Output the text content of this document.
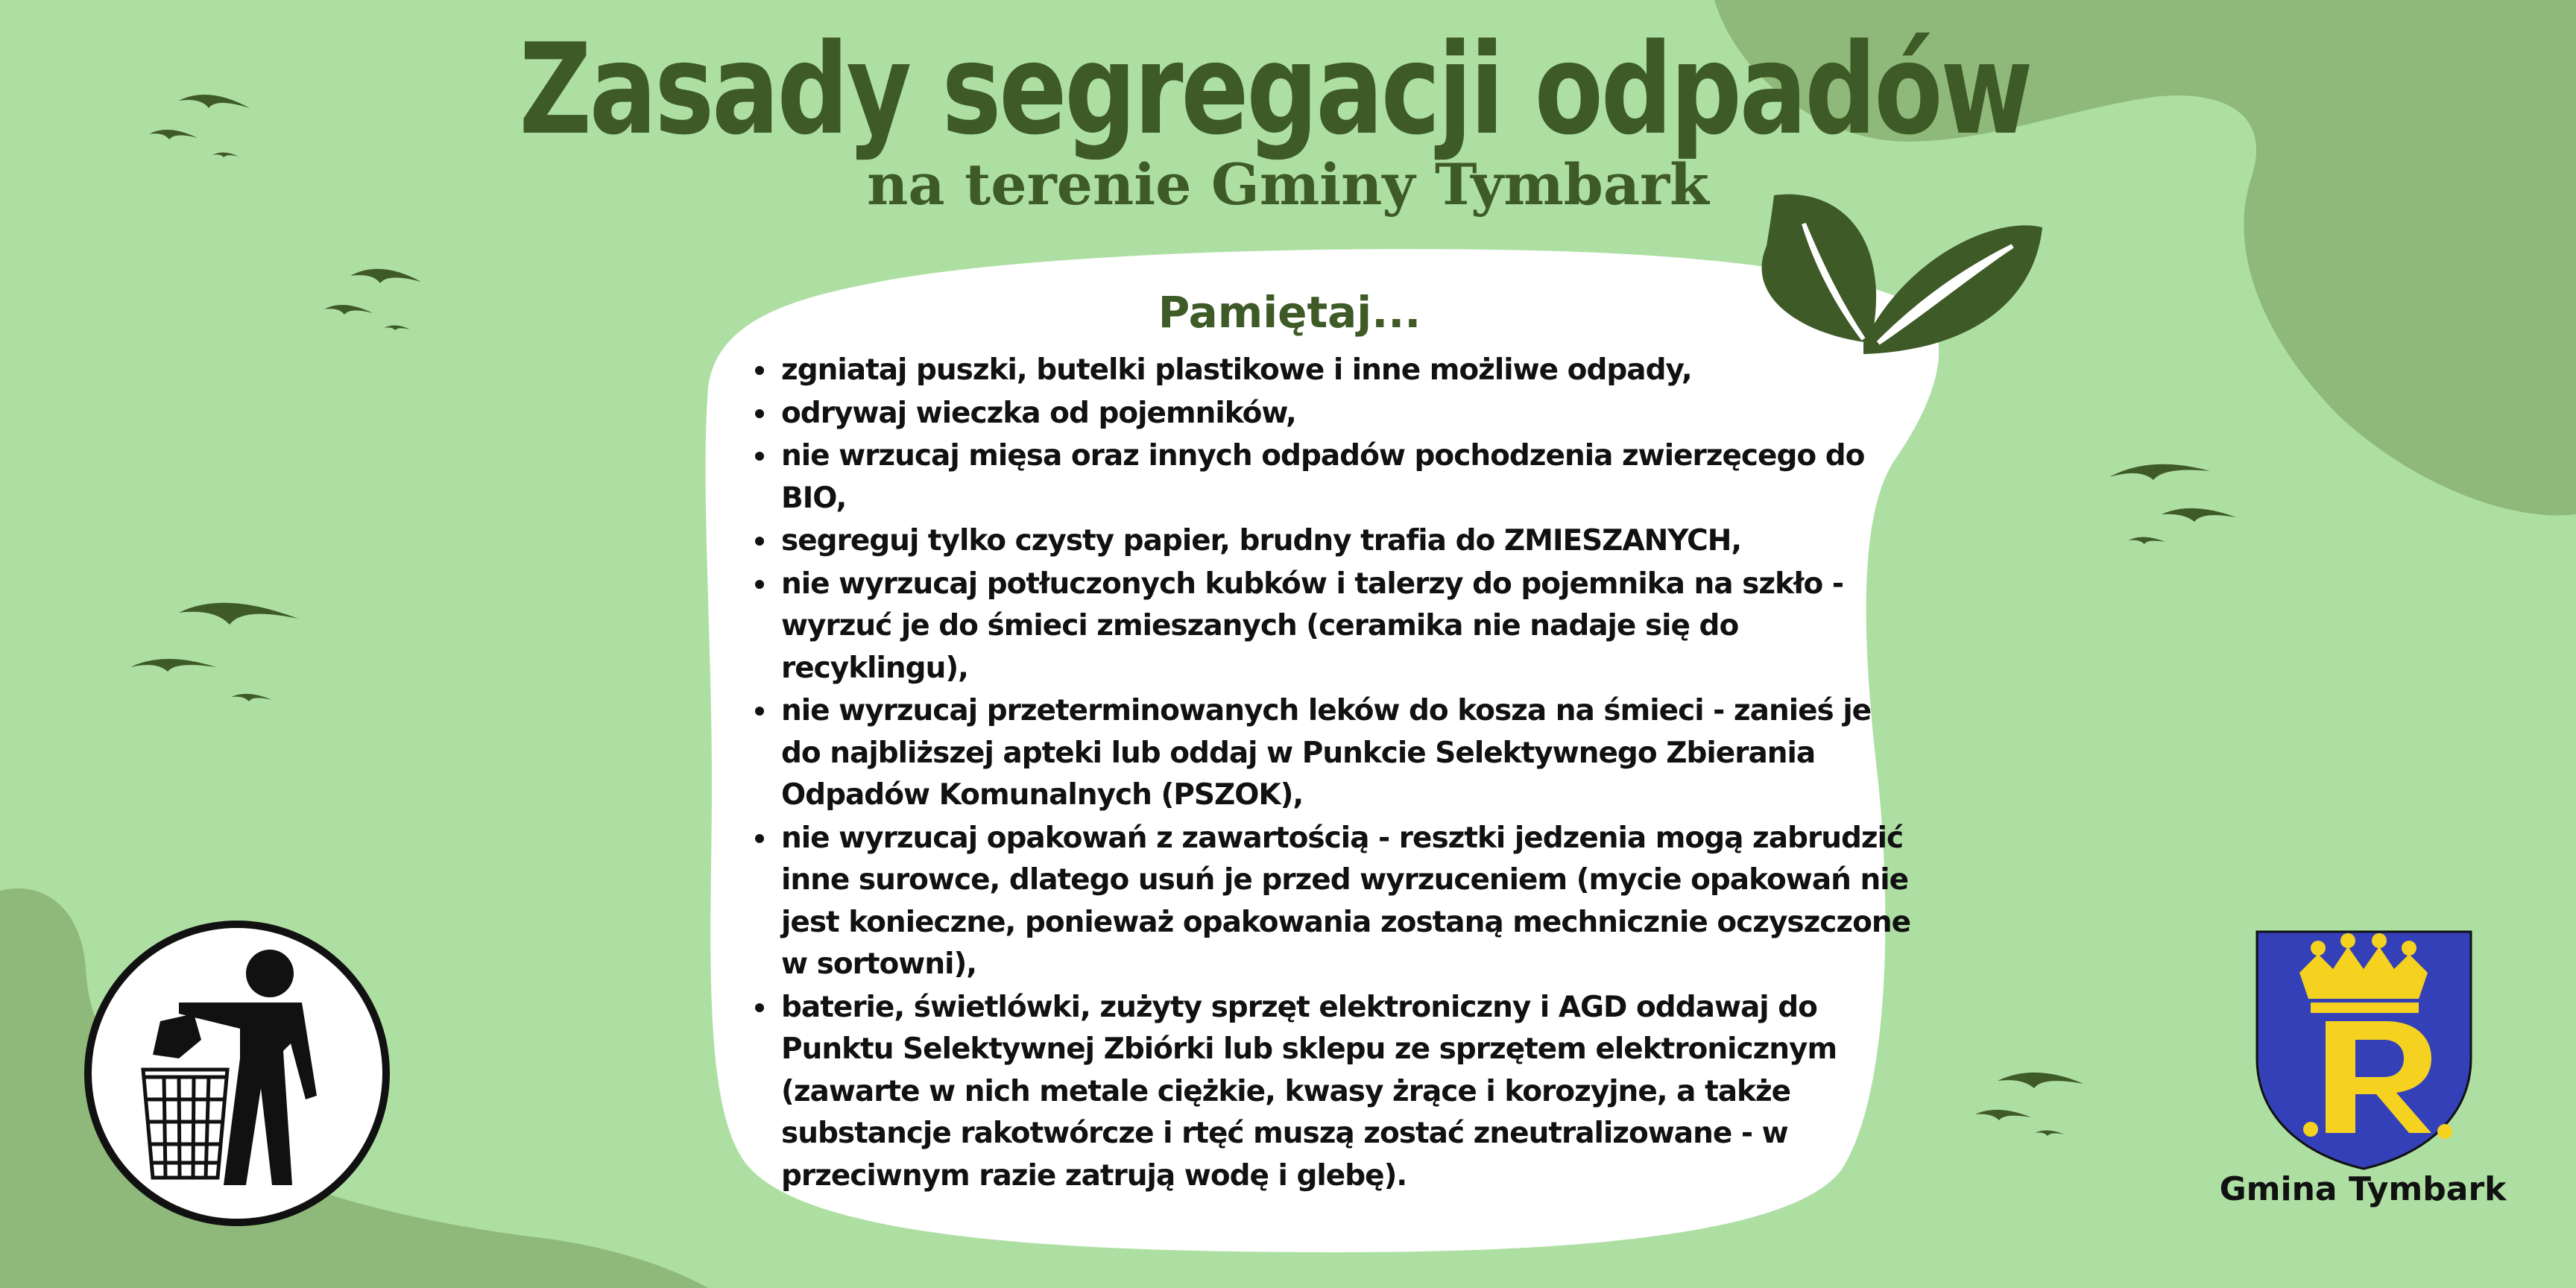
Zasady segregacji odpadów
na terenie Gminy Tymbark
Pamiętaj...
• zgniataj puszki, butelki plastikowe i inne możliwe odpady,
• odrywaj wieczka od pojemników,
• nie wrzucaj mięsa oraz innych odpadów pochodzenia zwierzęcego do BIO,
• segreguj tylko czysty papier, brudny trafia do ZMIESZANYCH,
• nie wyrzucaj potłuczonych kubków i talerzy do pojemnika na szkło - wyrzuć je do śmieci zmieszanych (ceramika nie nadaje się do recyklingu),
• nie wyrzucaj przeterminowanych leków do kosza na śmieci - zanieś je do najbliższej apteki lub oddaj w Punkcie Selektywnego Zbierania Odpadów Komunalnych (PSZOK),
• nie wyrzucaj opakowań z zawartością - resztki jedzenia mogą zabrudzić inne surowce, dlatego usuń je przed wyrzuceniem (mycie opakowań nie jest konieczne, ponieważ opakowania zostaną mechnicznie oczyszczone w sortowni),
• baterie, świetlówki, zużyty sprzęt elektroniczny i AGD oddawaj do Punktu Selektywnej Zbiórki lub sklepu ze sprzętem elektronicznym (zawarte w nich metale ciężkie, kwasy żrące i korozyjne, a także substancje rakotwórcze i rtęć muszą zostać zneutralizowane - w przeciwnym razie zatrują wodę i glebę).	Gmina Tymbark
